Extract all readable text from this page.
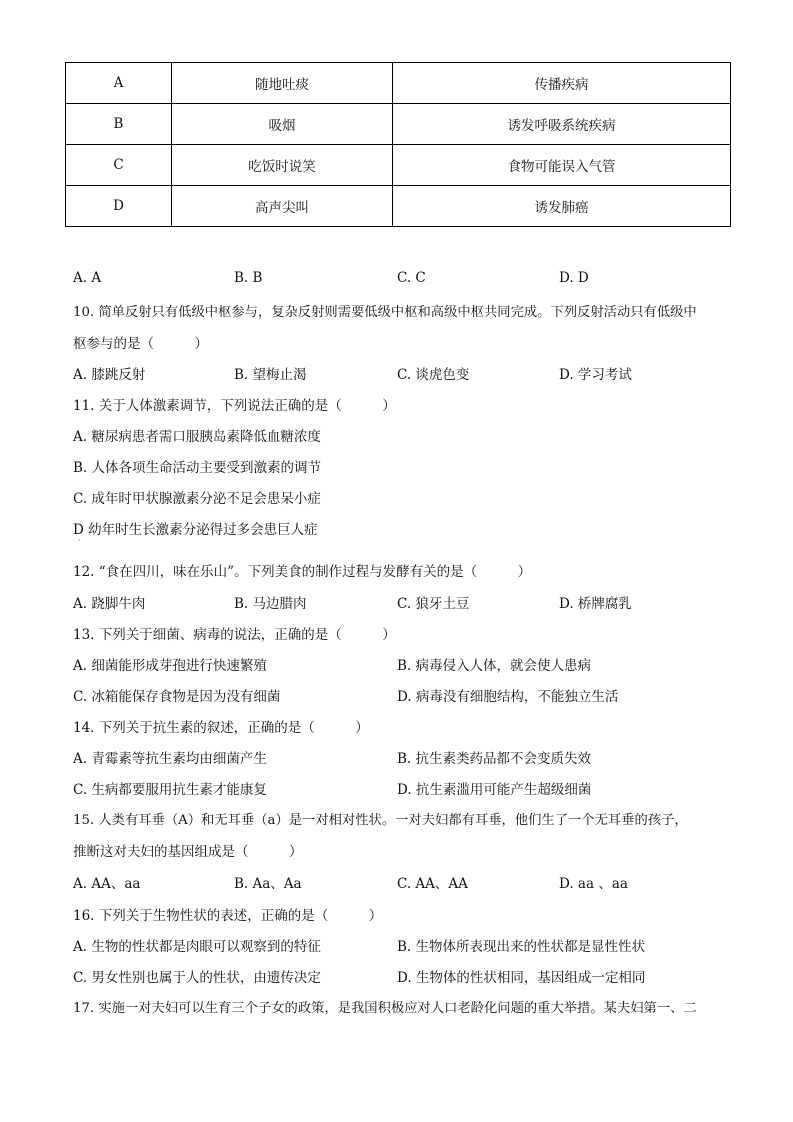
A	随地吐痰	传播疾病
B	吸烟	诱发呼吸系统疾病
C	吃饭时说笑	食物可能误入气管
D	高声尖叫	诱发肺癌
A. A	B. B	C. C	D. D
10. 简单反射只有低级中枢参与，复杂反射则需要低级中枢和高级中枢共同完成。下列反射活动只有低级中
枢参与的是（　　　）
A. 膝跳反射	B. 望梅止渴	C. 谈虎色变	D. 学习考试
11. 关于人体激素调节，下列说法正确的是（　　　）
A. 糖尿病患者需口服胰岛素降低血糖浓度
B. 人体各项生命活动主要受到激素的调节
C. 成年时甲状腺激素分泌不足会患呆小症
D 幼年时生长激素分泌得过多会患巨人症
·
12. “食在四川，味在乐山”。下列美食的制作过程与发酵有关的是（　　　）
A. 跷脚牛肉	B. 马边腊肉	C. 狼牙土豆	D. 桥牌腐乳
13. 下列关于细菌、病毒的说法，正确的是（　　　）
A. 细菌能形成芽孢进行快速繁殖	B. 病毒侵入人体，就会使人患病
C. 冰箱能保存食物是因为没有细菌	D. 病毒没有细胞结构，不能独立生活
14. 下列关于抗生素的叙述，正确的是（　　　）
A. 青霉素等抗生素均由细菌产生	B. 抗生素类药品都不会变质失效
C. 生病都要服用抗生素才能康复	D. 抗生素滥用可能产生超级细菌
15. 人类有耳垂（A）和无耳垂（a）是一对相对性状。一对夫妇都有耳垂，他们生了一个无耳垂的孩子，
推断这对夫妇的基因组成是（　　　）
A. AA、aa	B. Aa、Aa	C. AA、AA	D. aa 、aa
16. 下列关于生物性状的表述，正确的是（　　　）
A. 生物的性状都是肉眼可以观察到的特征	B. 生物体所表现出来的性状都是显性性状
C. 男女性别也属于人的性状，由遗传决定	D. 生物体的性状相同，基因组成一定相同
17. 实施一对夫妇可以生育三个子女的政策，是我国积极应对人口老龄化问题的重大举措。某夫妇第一、二
